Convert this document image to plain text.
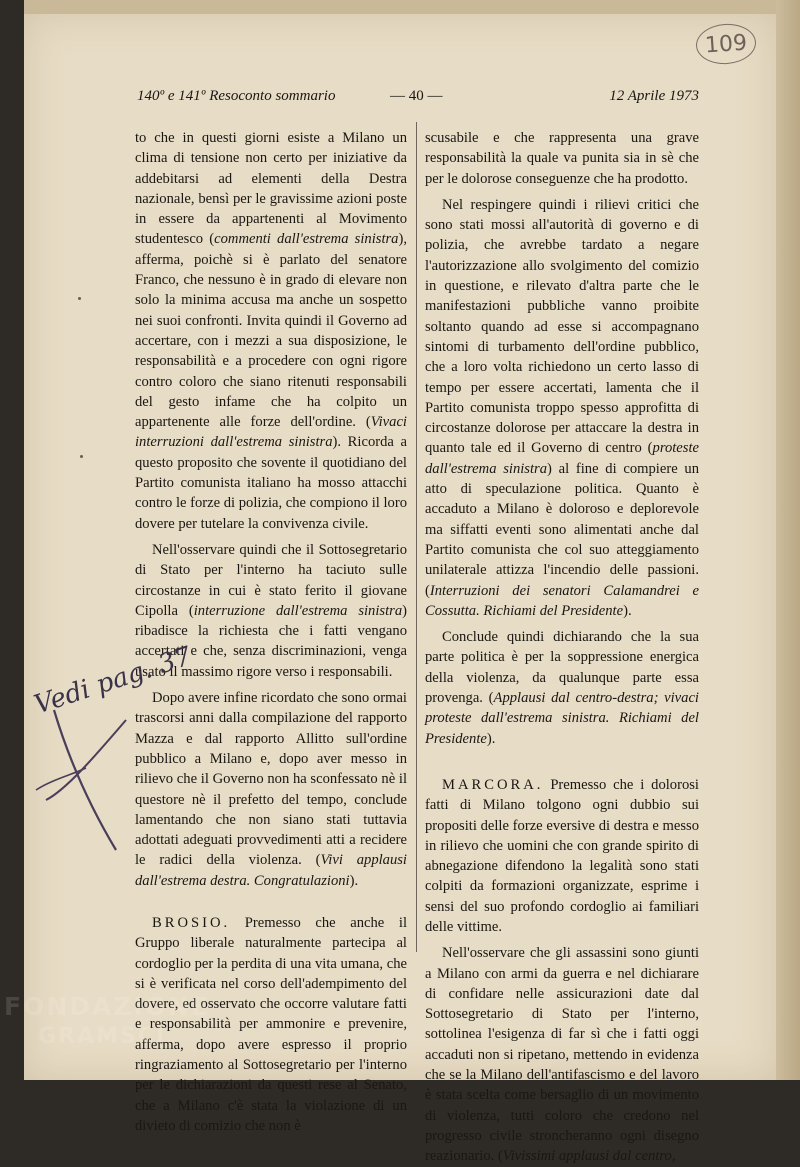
109
140º e 141º Resoconto sommario	— 40 —	12 Aprile 1973

to che in questi giorni esiste a Milano un clima di tensione non certo per iniziative da addebitarsi ad elementi della Destra nazionale, bensì per le gravissime azioni poste in essere da appartenenti al Movimento studentesco (commenti dall'estrema sinistra), afferma, poichè si è parlato del senatore Franco, che nessuno è in grado di elevare non solo la minima accusa ma anche un sospetto nei suoi confronti. Invita quindi il Governo ad accertare, con i mezzi a sua disposizione, le responsabilità e a procedere con ogni rigore contro coloro che siano ritenuti responsabili del gesto infame che ha colpito un appartenente alle forze dell'ordine. (Vivaci interruzioni dall'estrema sinistra). Ricorda a questo proposito che sovente il quotidiano del Partito comunista italiano ha mosso attacchi contro le forze di polizia, che compiono il loro dovere per tutelare la convivenza civile.

Nell'osservare quindi che il Sottosegretario di Stato per l'interno ha taciuto sulle circostanze in cui è stato ferito il giovane Cipolla (interruzione dall'estrema sinistra) ribadisce la richiesta che i fatti vengano accertati e che, senza discriminazioni, venga usato il massimo rigore verso i responsabili.

Dopo avere infine ricordato che sono ormai trascorsi anni dalla compilazione del rapporto Mazza e dal rapporto Allitto sull'ordine pubblico a Milano e, dopo aver messo in rilievo che il Governo non ha sconfessato nè il questore nè il prefetto del tempo, conclude lamentando che non siano stati tuttavia adottati adeguati provvedimenti atti a recidere le radici della violenza. (Vivi applausi dall'estrema destra. Congratulazioni).

BROSIO. Premesso che anche il Gruppo liberale naturalmente partecipa al cordoglio per la perdita di una vita umana, che si è verificata nel corso dell'adempimento del dovere, ed osservato che occorre valutare fatti e responsabilità per ammonire e prevenire, afferma, dopo avere espresso il proprio ringraziamento al Sottosegretario per l'interno per le dichiarazioni da questi rese al Senato, che a Milano c'è stata la violazione di un divieto di comizio che non è

scusabile e che rappresenta una grave responsabilità la quale va punita sia in sè che per le dolorose conseguenze che ha prodotto.

Nel respingere quindi i rilievi critici che sono stati mossi all'autorità di governo e di polizia, che avrebbe tardato a negare l'autorizzazione allo svolgimento del comizio in questione, e rilevato d'altra parte che le manifestazioni pubbliche vanno proibite soltanto quando ad esse si accompagnano sintomi di turbamento dell'ordine pubblico, che a loro volta richiedono un certo lasso di tempo per essere accertati, lamenta che il Partito comunista troppo spesso approfitta di circostanze dolorose per attaccare la destra in quanto tale ed il Governo di centro (proteste dall'estrema sinistra) al fine di compiere un atto di speculazione politica. Quanto è accaduto a Milano è doloroso e deplorevole ma siffatti eventi sono alimentati anche dal Partito comunista che col suo atteggiamento unilaterale attizza l'incendio delle passioni. (Interruzioni dei senatori Calamandrei e Cossutta. Richiami del Presidente).

Conclude quindi dichiarando che la sua parte politica è per la soppressione energica della violenza, da qualunque parte essa provenga. (Applausi dal centro-destra; vivaci proteste dall'estrema sinistra. Richiami del Presidente).

MARCORA. Premesso che i dolorosi fatti di Milano tolgono ogni dubbio sui propositi delle forze eversive di destra e messo in rilievo che uomini che con grande spirito di abnegazione difendono la legalità sono stati colpiti da formazioni organizzate, esprime i sensi del suo profondo cordoglio ai familiari delle vittime.

Nell'osservare che gli assassini sono giunti a Milano con armi da guerra e nel dichiarare di confidare nelle assicurazioni date dal Sottosegretario di Stato per l'interno, sottolinea l'esigenza di far sì che i fatti oggi accaduti non si ripetano, mettendo in evidenza che se la Milano dell'antifascismo e del lavoro è stata scelta come bersaglio di un movimento di violenza, tutti coloro che credono nel progresso civile stroncheranno ogni disegno reazionario. (Vivissimi applausi dal centro,

Vedi pag. 37
FONDAZIONE
GRAMSCI
